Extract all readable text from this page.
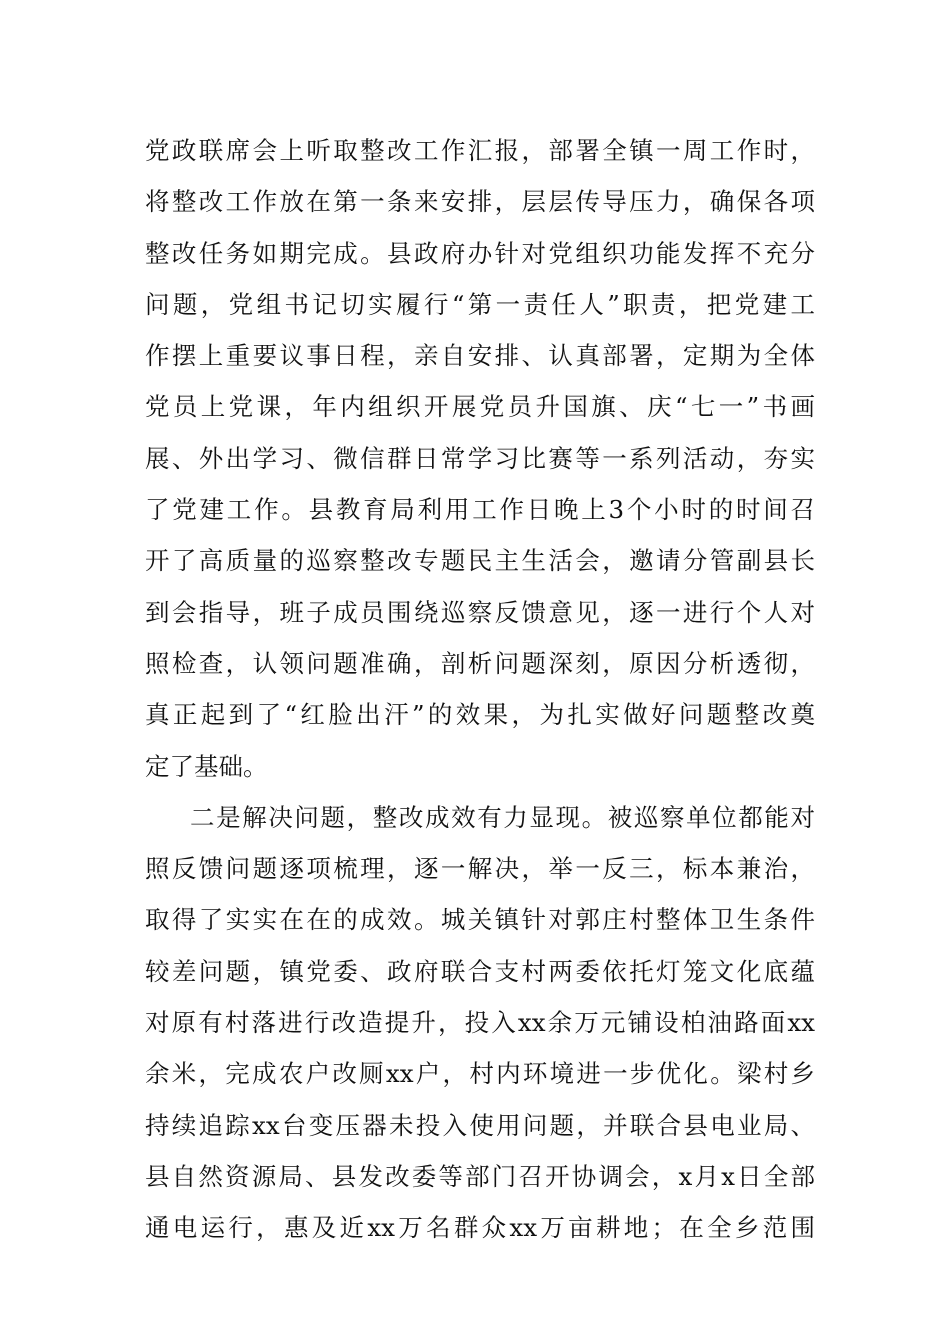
党政联席会上听取整改工作汇报，部署全镇一周工作时，
将整改工作放在第一条来安排，层层传导压力，确保各项
整改任务如期完成。县政府办针对党组织功能发挥不充分
问题，党组书记切实履行“第一责任人”职责，把党建工
作摆上重要议事日程，亲自安排、认真部署，定期为全体
党员上党课，年内组织开展党员升国旗、庆“七一”书画
展、外出学习、微信群日常学习比赛等一系列活动，夯实
了党建工作。县教育局利用工作日晚上3个小时的时间召
开了高质量的巡察整改专题民主生活会，邀请分管副县长
到会指导，班子成员围绕巡察反馈意见，逐一进行个人对
照检查，认领问题准确，剖析问题深刻，原因分析透彻，
真正起到了“红脸出汗”的效果，为扎实做好问题整改奠
定了基础。
二是解决问题，整改成效有力显现。被巡察单位都能对
照反馈问题逐项梳理，逐一解决，举一反三，标本兼治，
取得了实实在在的成效。城关镇针对郭庄村整体卫生条件
较差问题，镇党委、政府联合支村两委依托灯笼文化底蕴
对原有村落进行改造提升，投入xx余万元铺设柏油路面xx
余米，完成农户改厕xx户，村内环境进一步优化。梁村乡
持续追踪xx台变压器未投入使用问题，并联合县电业局、
县自然资源局、县发改委等部门召开协调会，x月x日全部
通电运行，惠及近xx万名群众xx万亩耕地；在全乡范围
